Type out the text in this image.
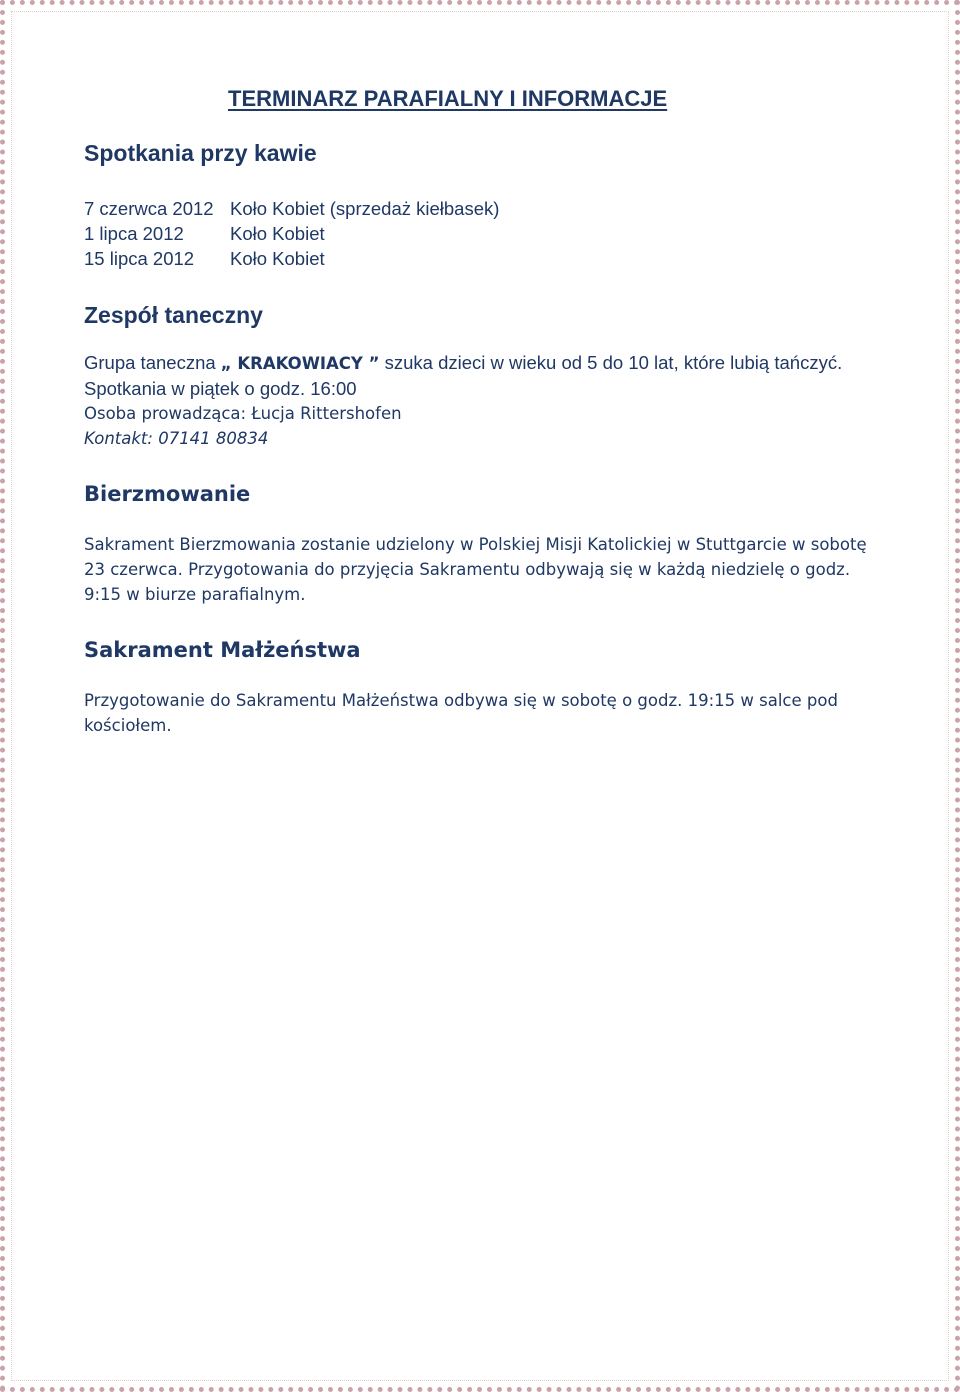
TERMINARZ PARAFIALNY I INFORMACJE
Spotkania przy kawie
7 czerwca 2012 Koło Kobiet (sprzedaż kiełbasek)
1 lipca 2012 Koło Kobiet
15 lipca 2012 Koło Kobiet
Zespół taneczny

Grupa taneczna „ KRAKOWIACY ” szuka dzieci w wieku od 5 do 10 lat, które lubią tańczyć. Spotkania w piątek o godz. 16:00

Osoba prowadząca: Łucja Rittershofen

Kontakt: 07141 80834

Bierzmowanie

Sakrament Bierzmowania zostanie udzielony w Polskiej Misji Katolickiej w Stuttgarcie w sobotę 23 czerwca. Przygotowania do przyjęcia Sakramentu odbywają się w każdą niedzielę o godz. 9:15 w biurze parafialnym.

Sakrament Małżeństwa

Przygotowanie do Sakramentu Małżeństwa odbywa się w sobotę o godz. 19:15 w salce pod kościołem.
